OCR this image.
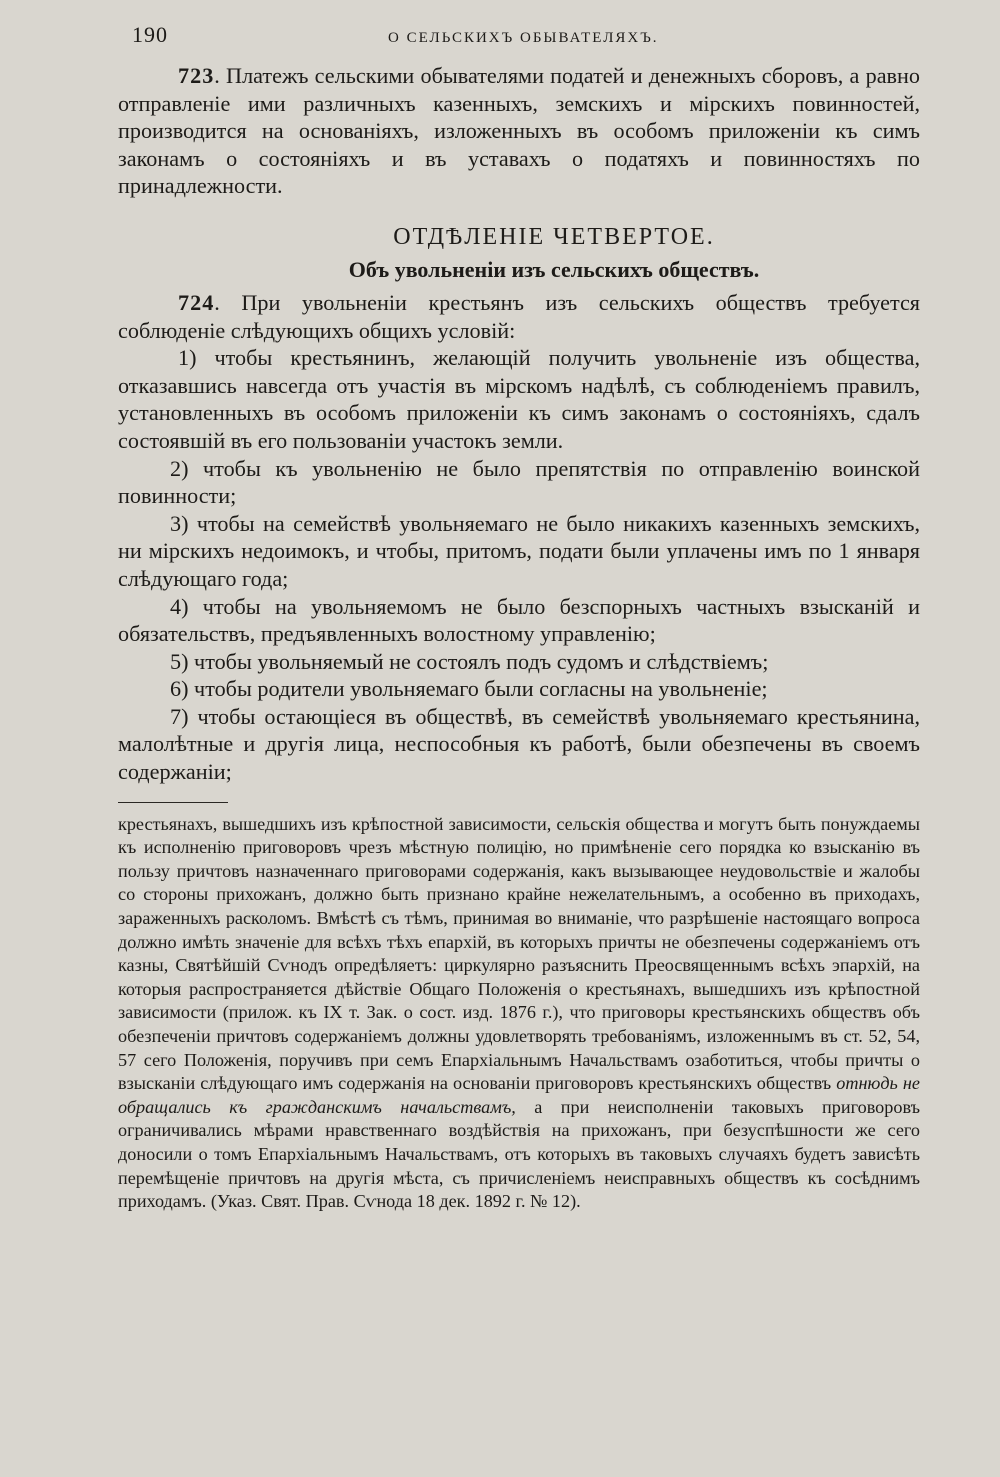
190	О СЕЛЬСКИХЪ ОБЫВАТЕЛЯХЪ.

723. Платежъ сельскими обывателями податей и денежныхъ сборовъ, а равно отправленіе ими различныхъ казенныхъ, земскихъ и мірскихъ повинностей, производится на основаніяхъ, изложенныхъ въ особомъ приложеніи къ симъ законамъ о состояніяхъ и въ уставахъ о податяхъ и повинностяхъ по принадлежности.

ОТДѢЛЕНІЕ ЧЕТВЕРТОЕ.
Объ увольненіи изъ сельскихъ обществъ.

724. При увольненіи крестьянъ изъ сельскихъ обществъ требуется соблюденіе слѣдующихъ общихъ условій:

1) чтобы крестьянинъ, желающій получить увольненіе изъ общества, отказавшись навсегда отъ участія въ мірскомъ надѣлѣ, съ соблюденіемъ правилъ, установленныхъ въ особомъ приложеніи къ симъ законамъ о состояніяхъ, сдалъ состоявшій въ его пользованіи участокъ земли.

2) чтобы къ увольненію не было препятствія по отправленію воинской повинности;

3) чтобы на семействѣ увольняемаго не было никакихъ казенныхъ земскихъ, ни мірскихъ недоимокъ, и чтобы, притомъ, подати были уплачены имъ по 1 января слѣдующаго года;

4) чтобы на увольняемомъ не было безспорныхъ частныхъ взысканій и обязательствъ, предъявленныхъ волостному управленію;

5) чтобы увольняемый не состоялъ подъ судомъ и слѣдствіемъ;

6) чтобы родители увольняемаго были согласны на увольненіе;

7) чтобы остающіеся въ обществѣ, въ семействѣ увольняемаго крестьянина, малолѣтные и другія лица, неспособныя къ работѣ, были обезпечены въ своемъ содержаніи;

крестьянахъ, вышедшихъ изъ крѣпостной зависимости, сельскія общества и могутъ быть понуждаемы къ исполненію приговоровъ чрезъ мѣстную полицію, но примѣненіе сего порядка ко взысканію въ пользу причтовъ назначеннаго приговорами содержанія, какъ вызывающее неудовольствіе и жалобы со стороны прихожанъ, должно быть признано крайне нежелательнымъ, а особенно въ приходахъ, зараженныхъ расколомъ. Вмѣстѣ съ тѣмъ, принимая во вниманіе, что разрѣшеніе настоящаго вопроса должно имѣть значеніе для всѣхъ тѣхъ епархій, въ которыхъ причты не обезпечены содержаніемъ отъ казны, Святѣйшій Сѵнодъ опредѣляетъ: циркулярно разъяснить Преосвященнымъ всѣхъ эпархій, на которыя распространяется дѣйствіе Общаго Положенія о крестьянахъ, вышедшихъ изъ крѣпостной зависимости (прилож. къ IX т. Зак. о сост. изд. 1876 г.), что приговоры крестьянскихъ обществъ объ обезпеченіи причтовъ содержаніемъ должны удовлетворять требованіямъ, изложеннымъ въ ст. 52, 54, 57 сего Положенія, поручивъ при семъ Епархіальнымъ Начальствамъ озаботиться, чтобы причты о взысканіи слѣдующаго имъ содержанія на основаніи приговоровъ крестьянскихъ обществъ отнюдь не обращались къ гражданскимъ начальствамъ, а при неисполненіи таковыхъ приговоровъ ограничивались мѣрами нравственнаго воздѣйствія на прихожанъ, при безуспѣшности же сего доносили о томъ Епархіальнымъ Начальствамъ, отъ которыхъ въ таковыхъ случаяхъ будетъ зависѣть перемѣщеніе причтовъ на другія мѣста, съ причисленіемъ неисправныхъ обществъ къ сосѣднимъ приходамъ. (Указ. Свят. Прав. Сѵнода 18 дек. 1892 г. № 12).
